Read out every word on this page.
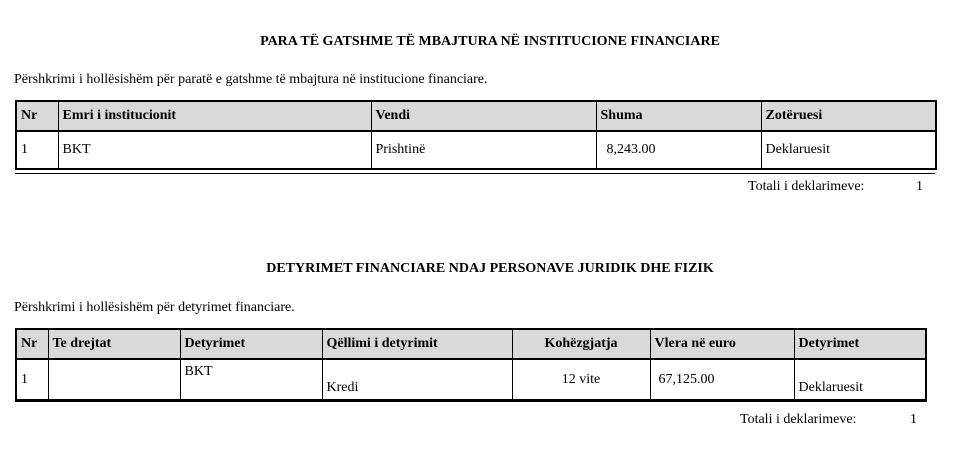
PARA TË GATSHME TË MBAJTURA NË INSTITUCIONE FINANCIARE
Përshkrimi i hollësishëm për paratë e gatshme të mbajtura në institucione financiare.
Nr	Emri i institucionit	Vendi	Shuma	Zotëruesi
1	BKT	Prishtinë	8,243.00	Deklaruesit
Totali i deklarimeve:	1
DETYRIMET FINANCIARE NDAJ PERSONAVE JURIDIK DHE FIZIK
Përshkrimi i hollësishëm për detyrimet financiare.
Nr	Te drejtat	Detyrimet	Qëllimi i detyrimit	Kohëzgjatja	Vlera në euro	Detyrimet
1		BKT	Kredi	12 vite	67,125.00	Deklaruesit
Totali i deklarimeve:	1
